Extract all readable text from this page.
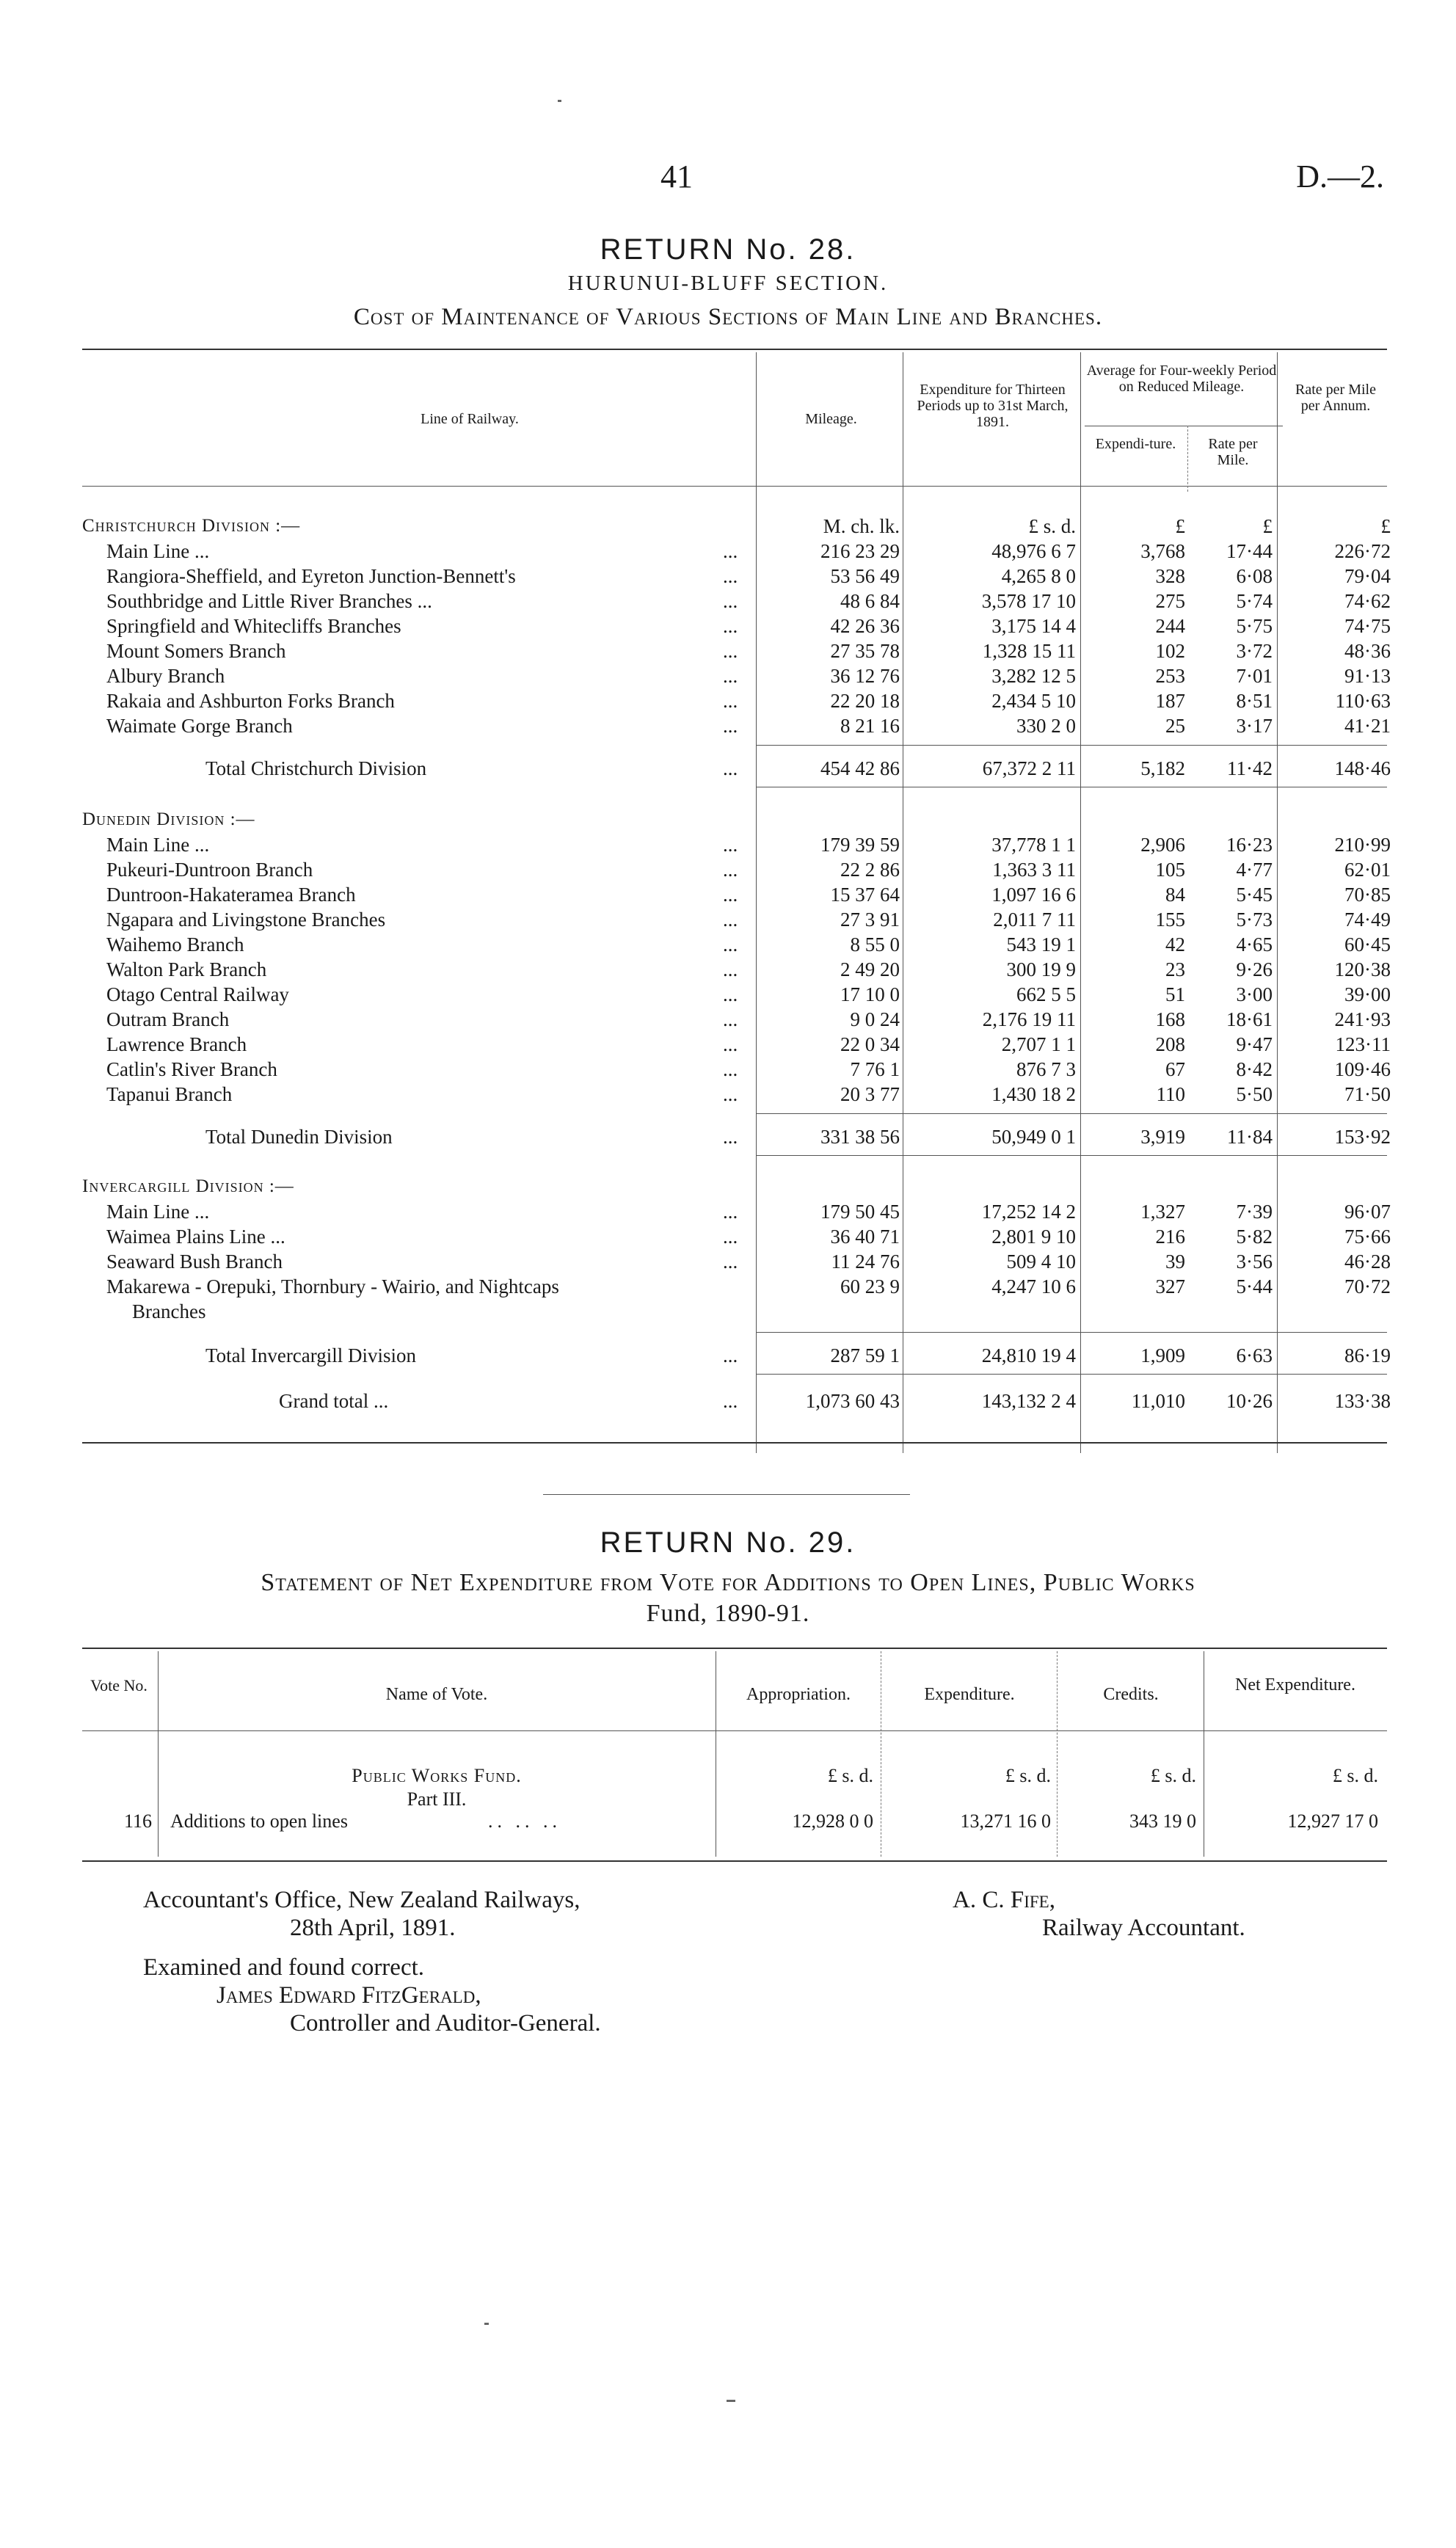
41	D.—2.
RETURN No. 28.
HURUNUI-BLUFF SECTION.
Cost of Maintenance of Various Sections of Main Line and Branches.
Line of Railway.	Mileage.
Expenditure for Thirteen Periods up to 31st March, 1891.
Average for Four-weekly Period on Reduced Mileage.
Expendi-ture.	Rate per Mile.
Rate per Mile per Annum.
Christchurch Division :—	M. ch. lk.	£ s. d.	£	£	£
Main Line ...	...	216 23 29	48,976 6 7	3,768	17·44	226·72
Rangiora-Sheffield, and Eyreton Junction-Bennett's	...	53 56 49	4,265 8 0	328	6·08	79·04
Southbridge and Little River Branches ...	...	48 6 84	3,578 17 10	275	5·74	74·62
Springfield and Whitecliffs Branches	...	42 26 36	3,175 14 4	244	5·75	74·75
Mount Somers Branch	...	27 35 78	1,328 15 11	102	3·72	48·36
Albury Branch	...	36 12 76	3,282 12 5	253	7·01	91·13
Rakaia and Ashburton Forks Branch	...	22 20 18	2,434 5 10	187	8·51	110·63
Waimate Gorge Branch	...	8 21 16	330 2 0	25	3·17	41·21
Total Christchurch Division	...	454 42 86	67,372 2 11	5,182	11·42	148·46
Dunedin Division :—
Main Line ...	...	179 39 59	37,778 1 1	2,906	16·23	210·99
Pukeuri-Duntroon Branch	...	22 2 86	1,363 3 11	105	4·77	62·01
Duntroon-Hakateramea Branch	...	15 37 64	1,097 16 6	84	5·45	70·85
Ngapara and Livingstone Branches	...	27 3 91	2,011 7 11	155	5·73	74·49
Waihemo Branch	...	8 55 0	543 19 1	42	4·65	60·45
Walton Park Branch	...	2 49 20	300 19 9	23	9·26	120·38
Otago Central Railway	...	17 10 0	662 5 5	51	3·00	39·00
Outram Branch	...	9 0 24	2,176 19 11	168	18·61	241·93
Lawrence Branch	...	22 0 34	2,707 1 1	208	9·47	123·11
Catlin's River Branch	...	7 76 1	876 7 3	67	8·42	109·46
Tapanui Branch	...	20 3 77	1,430 18 2	110	5·50	71·50
Total Dunedin Division	...	331 38 56	50,949 0 1	3,919	11·84	153·92
Invercargill Division :—
Main Line ...	...	179 50 45	17,252 14 2	1,327	7·39	96·07
Waimea Plains Line ...	...	36 40 71	2,801 9 10	216	5·82	75·66
Seaward Bush Branch	...	11 24 76	509 4 10	39	3·56	46·28
Makarewa - Orepuki, Thornbury - Wairio, and Nightcaps	60 23 9	4,247 10 6	327	5·44	70·72
Branches
Total Invercargill Division	...	287 59 1	24,810 19 4	1,909	6·63	86·19
Grand total ...	...	1,073 60 43	143,132 2 4	11,010	10·26	133·38
RETURN No. 29.
Statement of Net Expenditure from Vote for Additions to Open Lines, Public Works
Fund, 1890-91.
Vote No.	Name of Vote.	Appropriation.	Expenditure.	Credits.	Net Expenditure.
Public Works Fund.
Part III.
£ s. d.	£ s. d.	£ s. d.	£ s. d.
116 Additions to open lines	.. .. ..	12,928 0 0	13,271 16 0	343 19 0	12,927 17 0
Accountant's Office, New Zealand Railways,
28th April, 1891.
A. C. Fife,
Railway Accountant.
Examined and found correct.
James Edward FitzGerald,
Controller and Auditor-General.
